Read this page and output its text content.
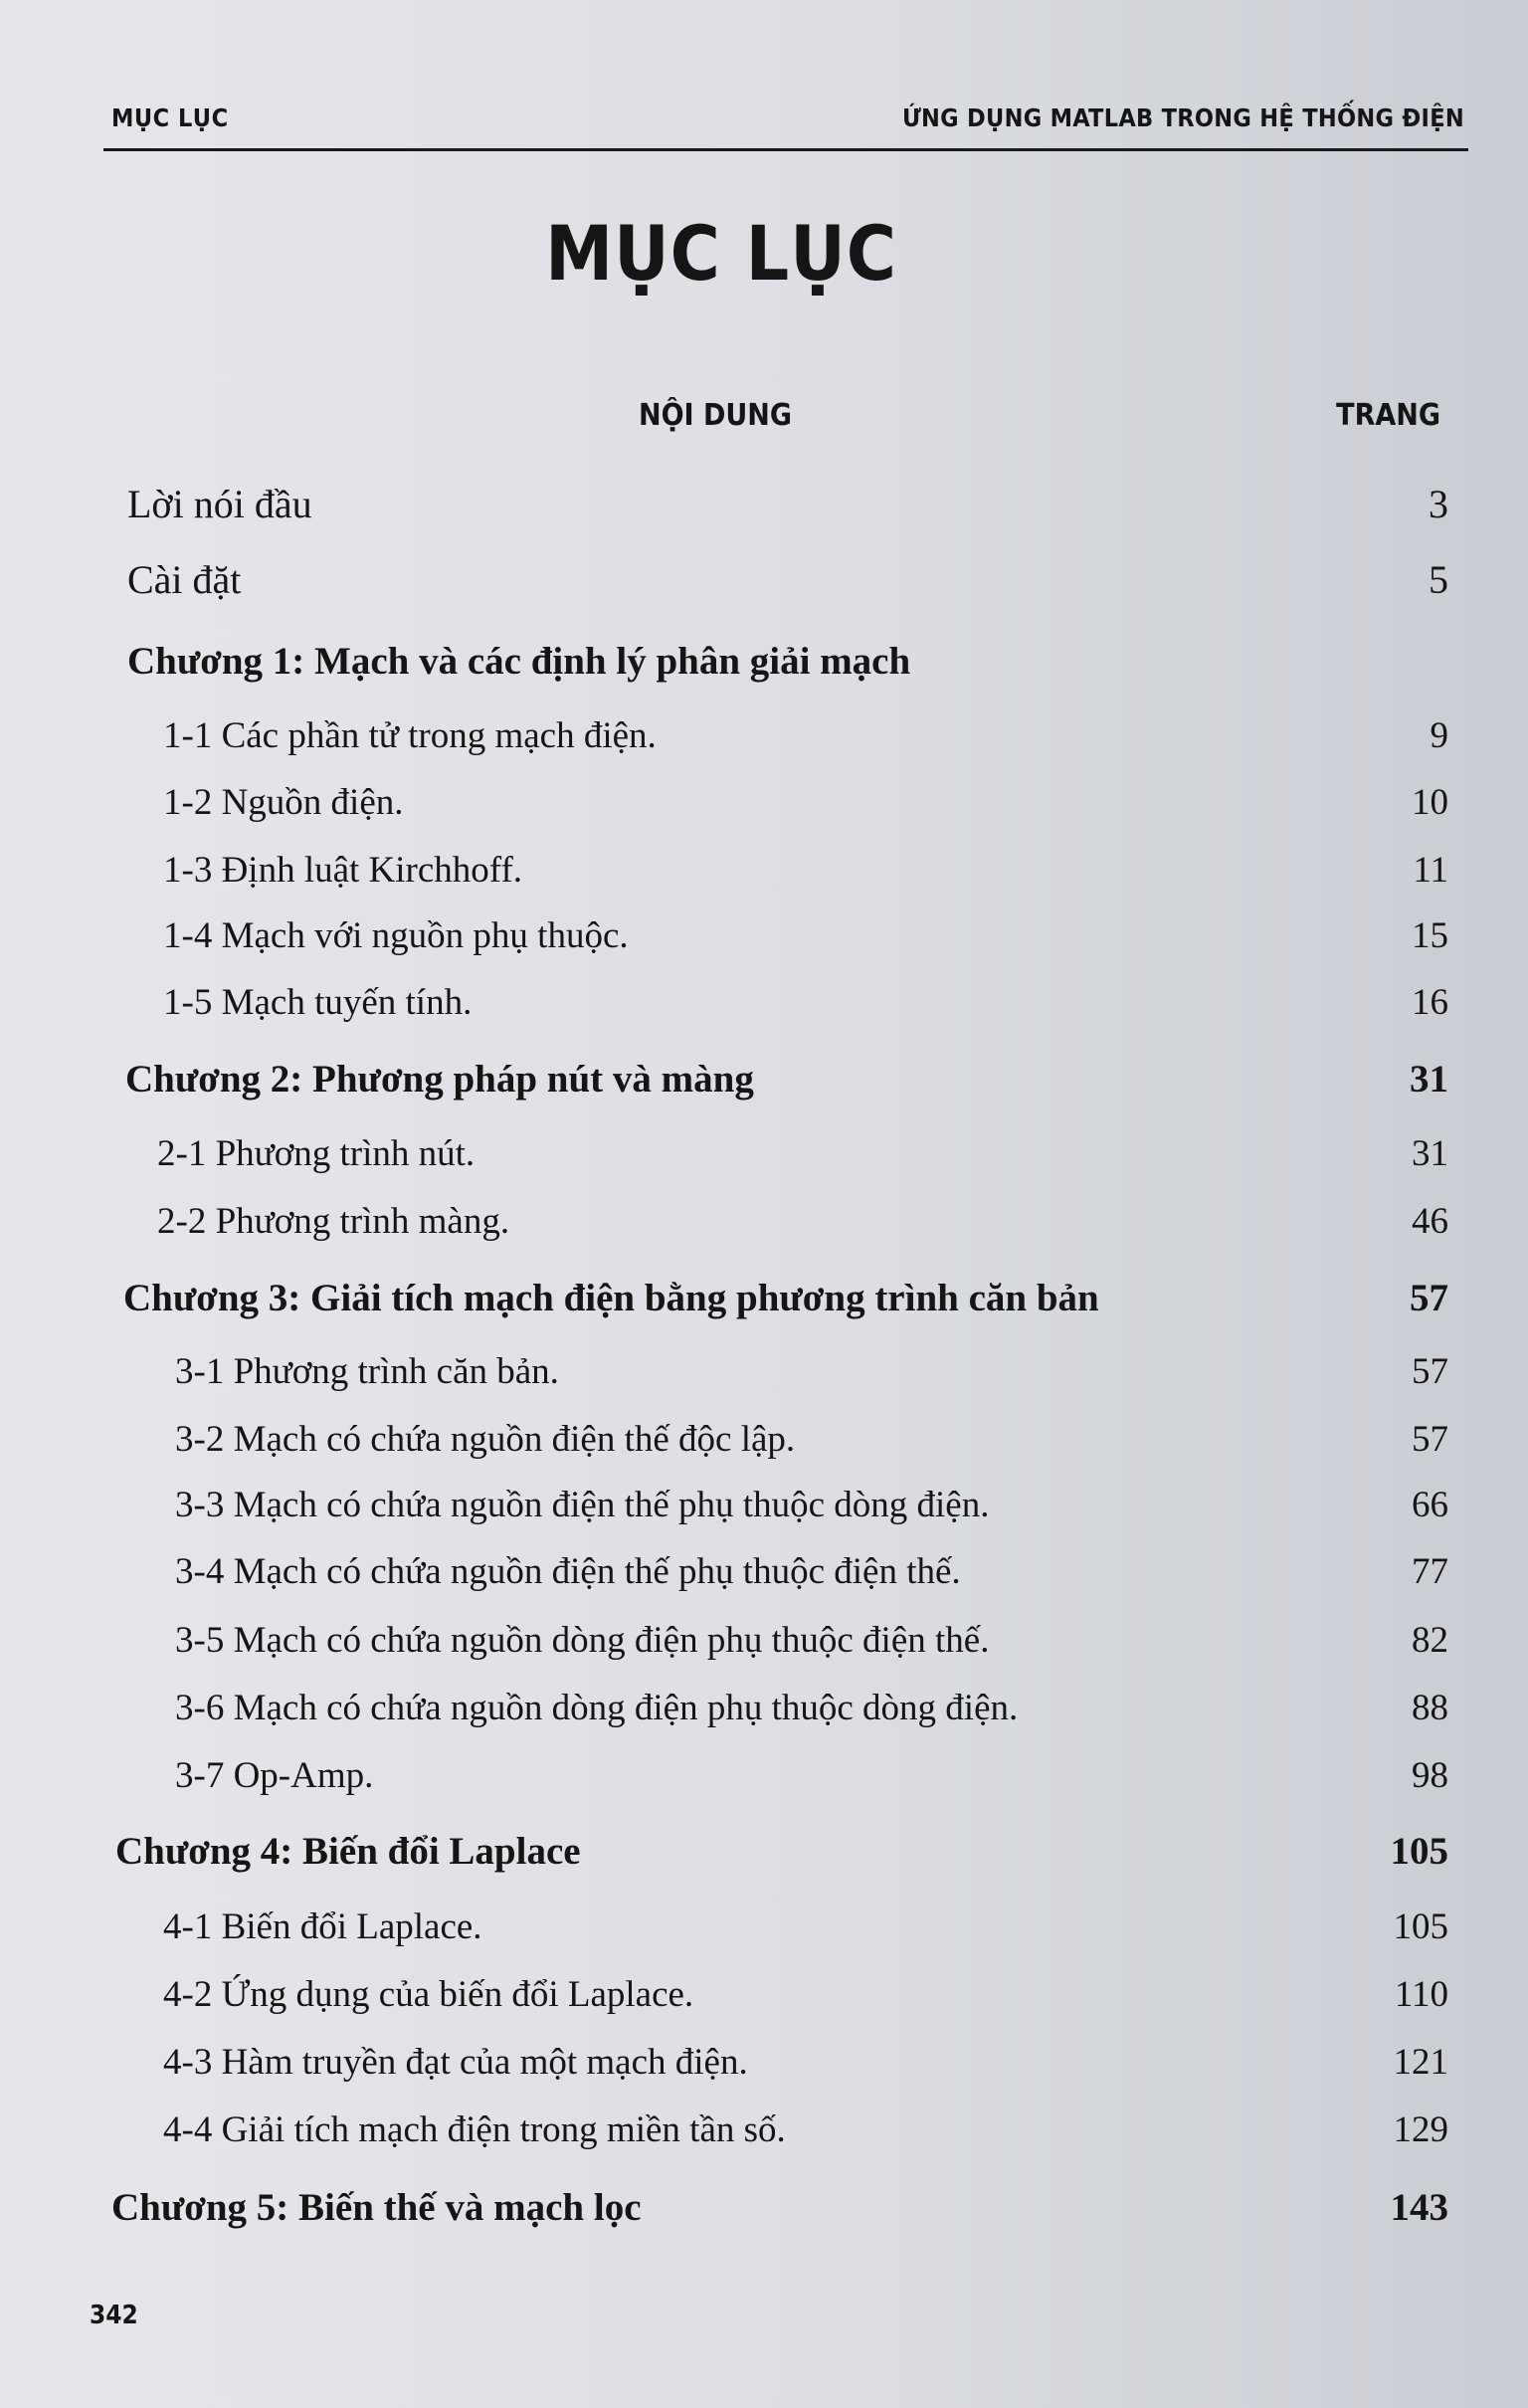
MỤC LỤC	ỨNG DỤNG MATLAB TRONG HỆ THỐNG ĐIỆN
MỤC LỤC
NỘI DUNG	TRANG
Lời nói đầu	3
Cài đặt	5
Chương 1: Mạch và các định lý phân giải mạch
1-1 Các phần tử trong mạch điện.	9
1-2 Nguồn điện.	10
1-3 Định luật Kirchhoff.	11
1-4 Mạch với nguồn phụ thuộc.	15
1-5 Mạch tuyến tính.	16
Chương 2: Phương pháp nút và màng	31
2-1 Phương trình nút.	31
2-2 Phương trình màng.	46
Chương 3: Giải tích mạch điện bằng phương trình căn bản	57
3-1 Phương trình căn bản.	57
3-2 Mạch có chứa nguồn điện thế độc lập.	57
3-3 Mạch có chứa nguồn điện thế phụ thuộc dòng điện.	66
3-4 Mạch có chứa nguồn điện thế phụ thuộc điện thế.	77
3-5 Mạch có chứa nguồn dòng điện phụ thuộc điện thế.	82
3-6 Mạch có chứa nguồn dòng điện phụ thuộc dòng điện.	88
3-7 Op-Amp.	98
Chương 4: Biến đổi Laplace	105
4-1 Biến đổi Laplace.	105
4-2 Ứng dụng của biến đổi Laplace.	110
4-3 Hàm truyền đạt của một mạch điện.	121
4-4 Giải tích mạch điện trong miền tần số.	129
Chương 5: Biến thế và mạch lọc	143
342
